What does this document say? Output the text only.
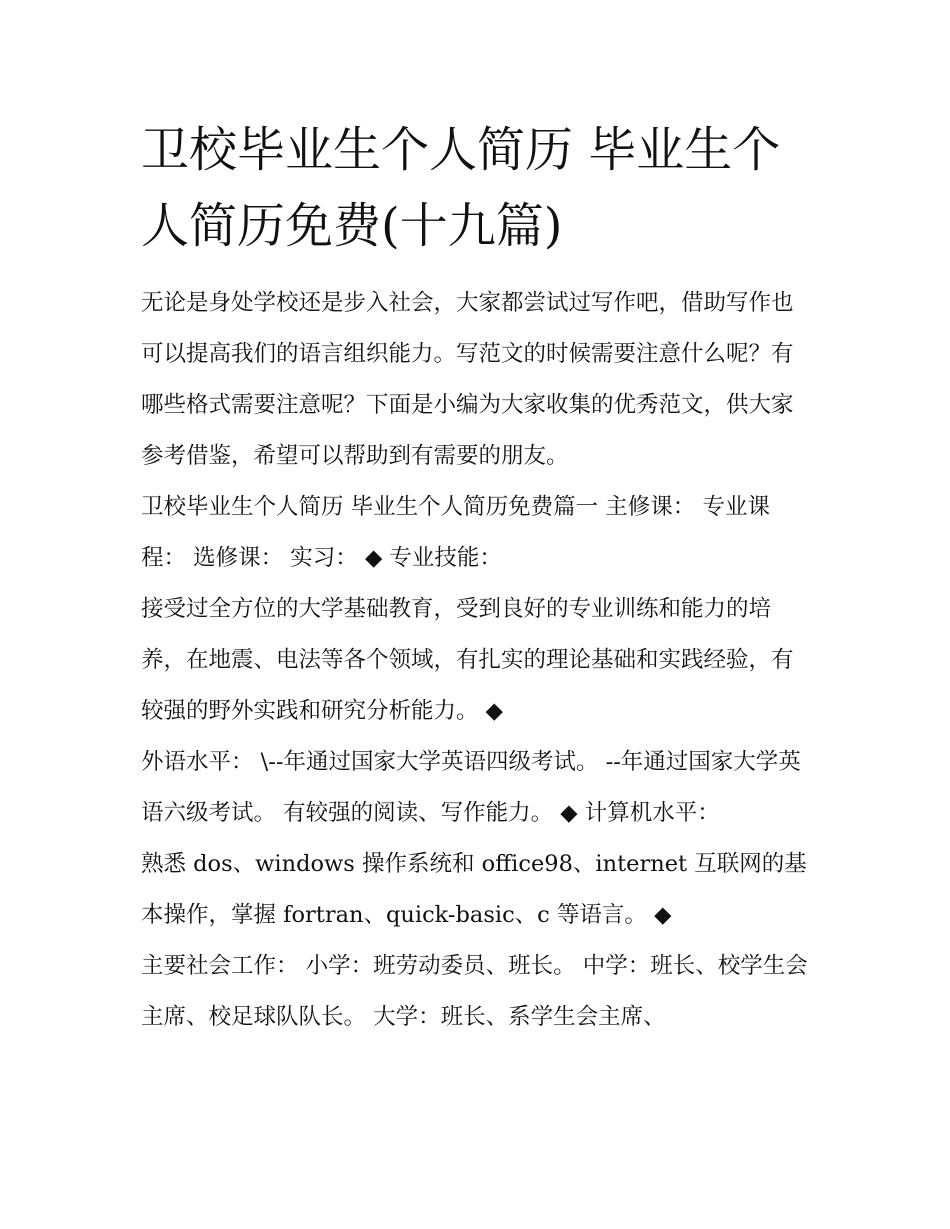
卫校毕业生个人简历 毕业生个人简历免费(十九篇)

无论是身处学校还是步入社会，大家都尝试过写作吧，借助写作也可以提高我们的语言组织能力。写范文的时候需要注意什么呢？有哪些格式需要注意呢？下面是小编为大家收集的优秀范文，供大家参考借鉴，希望可以帮助到有需要的朋友。

卫校毕业生个人简历 毕业生个人简历免费篇一 主修课： 专业课程： 选修课： 实习： ◆ 专业技能：

接受过全方位的大学基础教育，受到良好的专业训练和能力的培养，在地震、电法等各个领域，有扎实的理论基础和实践经验，有较强的野外实践和研究分析能力。 ◆

外语水平： \--年通过国家大学英语四级考试。 --年通过国家大学英语六级考试。 有较强的阅读、写作能力。 ◆ 计算机水平：

熟悉 dos、windows 操作系统和 office98、internet 互联网的基本操作，掌握 fortran、quick-basic、c 等语言。 ◆

主要社会工作： 小学：班劳动委员、班长。 中学：班长、校学生会主席、校足球队队长。 大学：班长、系学生会主席、
